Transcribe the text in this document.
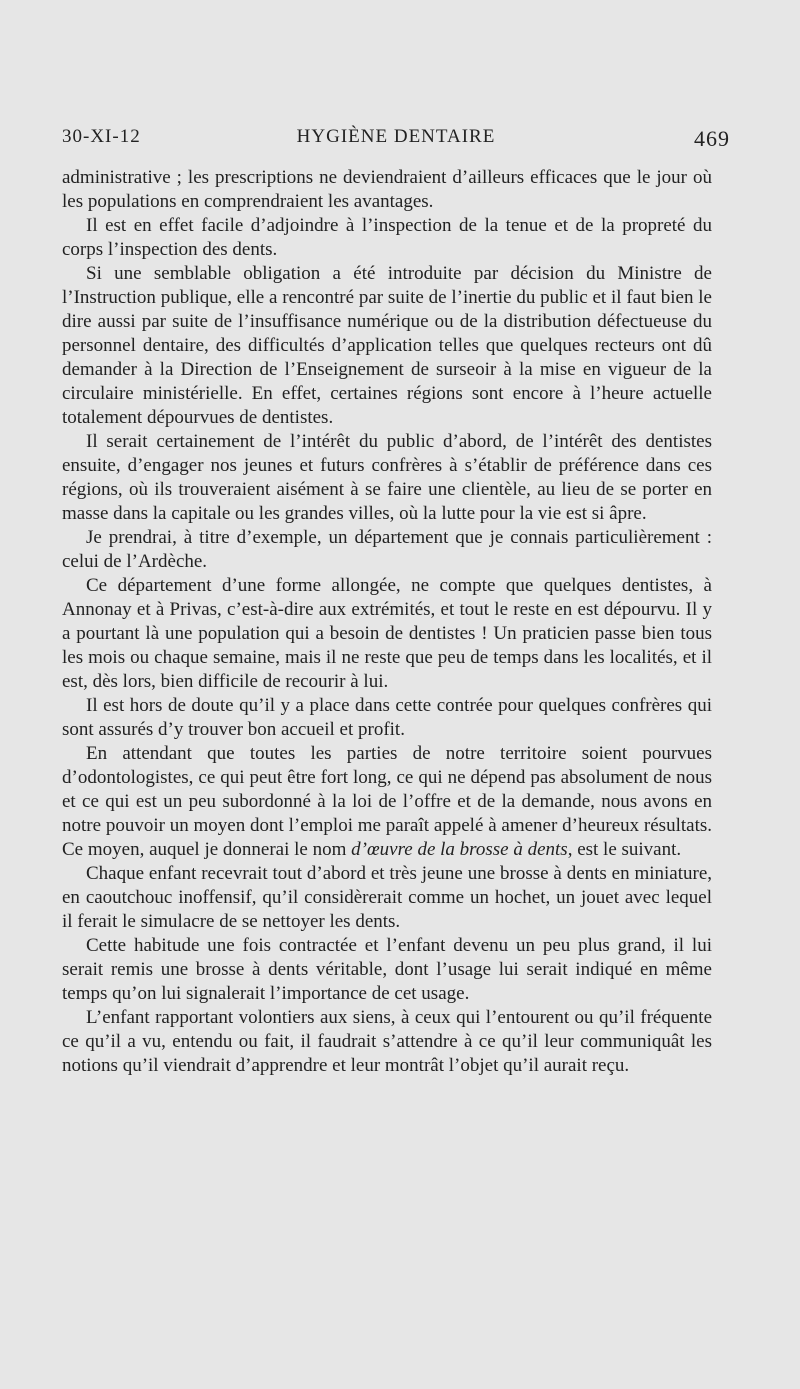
30-XI-12	HYGIÈNE DENTAIRE	469

administrative ; les prescriptions ne deviendraient d’ailleurs efficaces que le jour où les populations en comprendraient les avantages.

Il est en effet facile d’adjoindre à l’inspection de la tenue et de la propreté du corps l’inspection des dents.

Si une semblable obligation a été introduite par décision du Ministre de l’Instruction publique, elle a rencontré par suite de l’inertie du public et il faut bien le dire aussi par suite de l’insuffisance numérique ou de la distribution défectueuse du personnel dentaire, des difficultés d’application telles que quelques recteurs ont dû demander à la Direction de l’Enseignement de surseoir à la mise en vigueur de la circulaire ministérielle. En effet, certaines régions sont encore à l’heure actuelle totalement dépourvues de dentistes.

Il serait certainement de l’intérêt du public d’abord, de l’intérêt des dentistes ensuite, d’engager nos jeunes et futurs confrères à s’établir de préférence dans ces régions, où ils trouveraient aisément à se faire une clientèle, au lieu de se porter en masse dans la capitale ou les grandes villes, où la lutte pour la vie est si âpre.

Je prendrai, à titre d’exemple, un département que je connais particulièrement : celui de l’Ardèche.

Ce département d’une forme allongée, ne compte que quelques dentistes, à Annonay et à Privas, c’est-à-dire aux extrémités, et tout le reste en est dépourvu. Il y a pourtant là une population qui a besoin de dentistes ! Un praticien passe bien tous les mois ou chaque semaine, mais il ne reste que peu de temps dans les localités, et il est, dès lors, bien difficile de recourir à lui.

Il est hors de doute qu’il y a place dans cette contrée pour quelques confrères qui sont assurés d’y trouver bon accueil et profit.

En attendant que toutes les parties de notre territoire soient pourvues d’odontologistes, ce qui peut être fort long, ce qui ne dépend pas absolument de nous et ce qui est un peu subordonné à la loi de l’offre et de la demande, nous avons en notre pouvoir un moyen dont l’emploi me paraît appelé à amener d’heureux résultats. Ce moyen, auquel je donnerai le nom d’œuvre de la brosse à dents, est le suivant.

Chaque enfant recevrait tout d’abord et très jeune une brosse à dents en miniature, en caoutchouc inoffensif, qu’il considèrerait comme un hochet, un jouet avec lequel il ferait le simulacre de se nettoyer les dents.

Cette habitude une fois contractée et l’enfant devenu un peu plus grand, il lui serait remis une brosse à dents véritable, dont l’usage lui serait indiqué en même temps qu’on lui signalerait l’importance de cet usage.

L’enfant rapportant volontiers aux siens, à ceux qui l’entourent ou qu’il fréquente ce qu’il a vu, entendu ou fait, il faudrait s’attendre à ce qu’il leur communiquât les notions qu’il viendrait d’apprendre et leur montrât l’objet qu’il aurait reçu.
